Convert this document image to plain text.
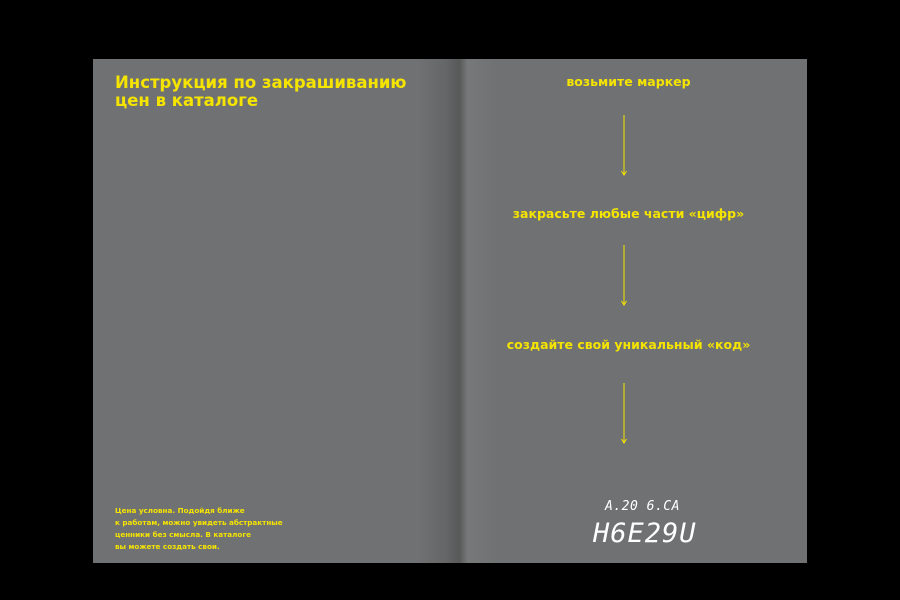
Инструкция по закрашиванию
цен в каталоге

Цена условна. Подойдя ближе
к работам, можно увидеть абстрактные
ценники без смысла. В каталоге
вы можете создать свои.

возьмите маркер
закрасьте любые части «цифр»
создайте свой уникальный «код»
A.20 6.CA
H6E29U
